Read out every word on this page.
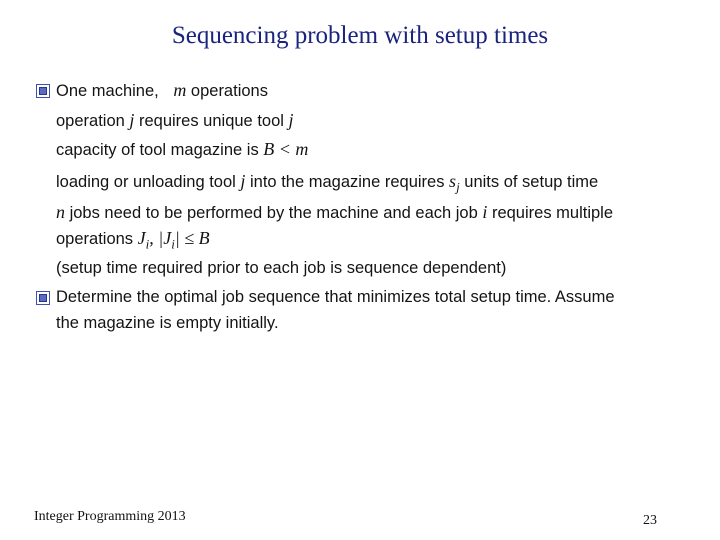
Sequencing problem with setup times
One machine, m operations
operation j requires unique tool j
capacity of tool magazine is B < m
loading or unloading tool j into the magazine requires $s_j$ units of setup time
n jobs need to be performed by the machine and each job i requires multiple
operations $J_i$, $|J_i| \le B$
(setup time required prior to each job is sequence dependent)
Determine the optimal job sequence that minimizes total setup time. Assume
the magazine is empty initially.
Integer Programming 2013	23
